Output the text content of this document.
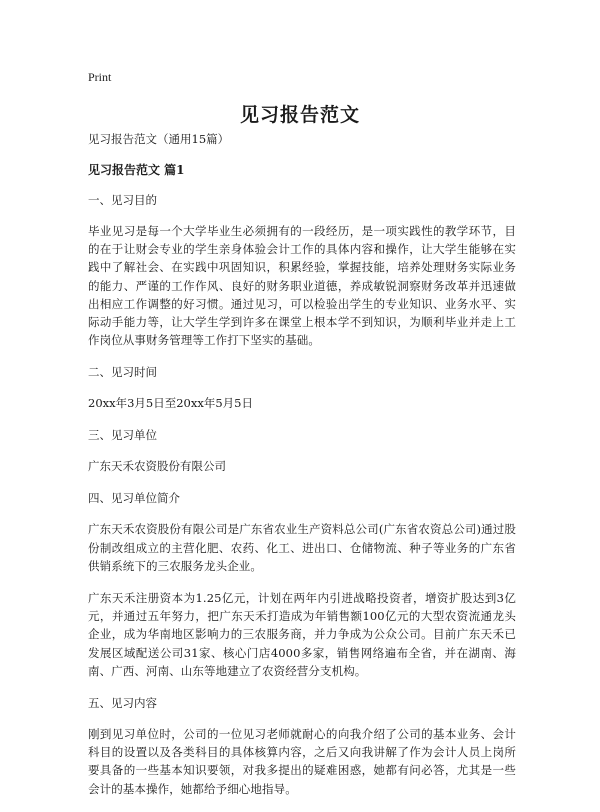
Print
见习报告范文

见习报告范文（通用15篇）

见习报告范文 篇1

一、见习目的

毕业见习是每一个大学毕业生必须拥有的一段经历，是一项实践性的教学环节，目的在于让财会专业的学生亲身体验会计工作的具体内容和操作，让大学生能够在实践中了解社会、在实践中巩固知识，积累经验，掌握技能，培养处理财务实际业务的能力、严谨的工作作风、良好的财务职业道德，养成敏锐洞察财务改革并迅速做出相应工作调整的好习惯。通过见习，可以检验出学生的专业知识、业务水平、实际动手能力等，让大学生学到许多在课堂上根本学不到知识，为顺利毕业并走上工作岗位从事财务管理等工作打下坚实的基础。

二、见习时间

20xx年3月5日至20xx年5月5日

三、见习单位

广东天禾农资股份有限公司

四、见习单位简介

广东天禾农资股份有限公司是广东省农业生产资料总公司(广东省农资总公司)通过股份制改组成立的主营化肥、农药、化工、进出口、仓储物流、种子等业务的广东省供销系统下的三农服务龙头企业。

广东天禾注册资本为1.25亿元，计划在两年内引进战略投资者，增资扩股达到3亿元，并通过五年努力，把广东天禾打造成为年销售额100亿元的大型农资流通龙头企业，成为华南地区影响力的三农服务商，并力争成为公众公司。目前广东天禾已发展区域配送公司31家、核心门店4000多家，销售网络遍布全省，并在湖南、海南、广西、河南、山东等地建立了农资经营分支机构。

五、见习内容

刚到见习单位时，公司的一位见习老师就耐心的向我介绍了公司的基本业务、会计科目的设置以及各类科目的具体核算内容，之后又向我讲解了作为会计人员上岗所要具备的一些基本知识要领，对我多提出的疑难困惑，她都有问必答，尤其是一些会计的基本操作，她都给予细心地指导。
